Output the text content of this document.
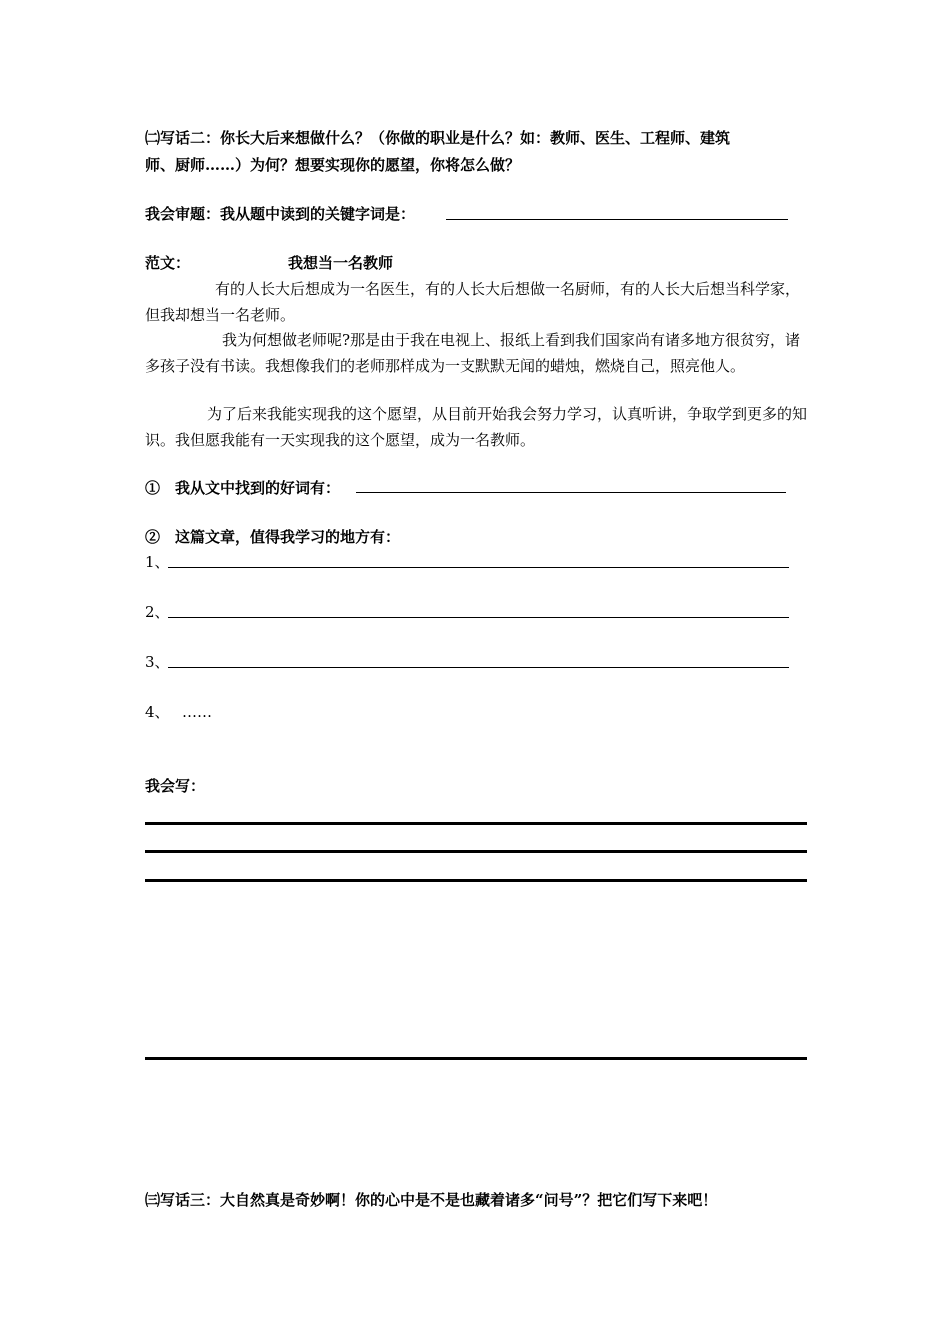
㈡写话二：你长大后来想做什么？（你做的职业是什么？如：教师、医生、工程师、建筑
师、厨师……）为何？想要实现你的愿望，你将怎么做？
我会审题：我从题中读到的关键字词是：
范文：	我想当一名教师
有的人长大后想成为一名医生，有的人长大后想做一名厨师，有的人长大后想当科学家，但我却想当一名老师。
我为何想做老师呢?那是由于我在电视上、报纸上看到我们国家尚有诸多地方很贫穷，诸多孩子没有书读。我想像我们的老师那样成为一支默默无闻的蜡烛，燃烧自己，照亮他人。
为了后来我能实现我的这个愿望，从目前开始我会努力学习，认真听讲，争取学到更多的知识。我但愿我能有一天实现我的这个愿望，成为一名教师。
①　我从文中找到的好词有：
②　这篇文章，值得我学习的地方有：
1、
2、
3、
4、 ……
我会写：
㈢写话三：大自然真是奇妙啊！你的心中是不是也藏着诸多“问号”？把它们写下来吧！
